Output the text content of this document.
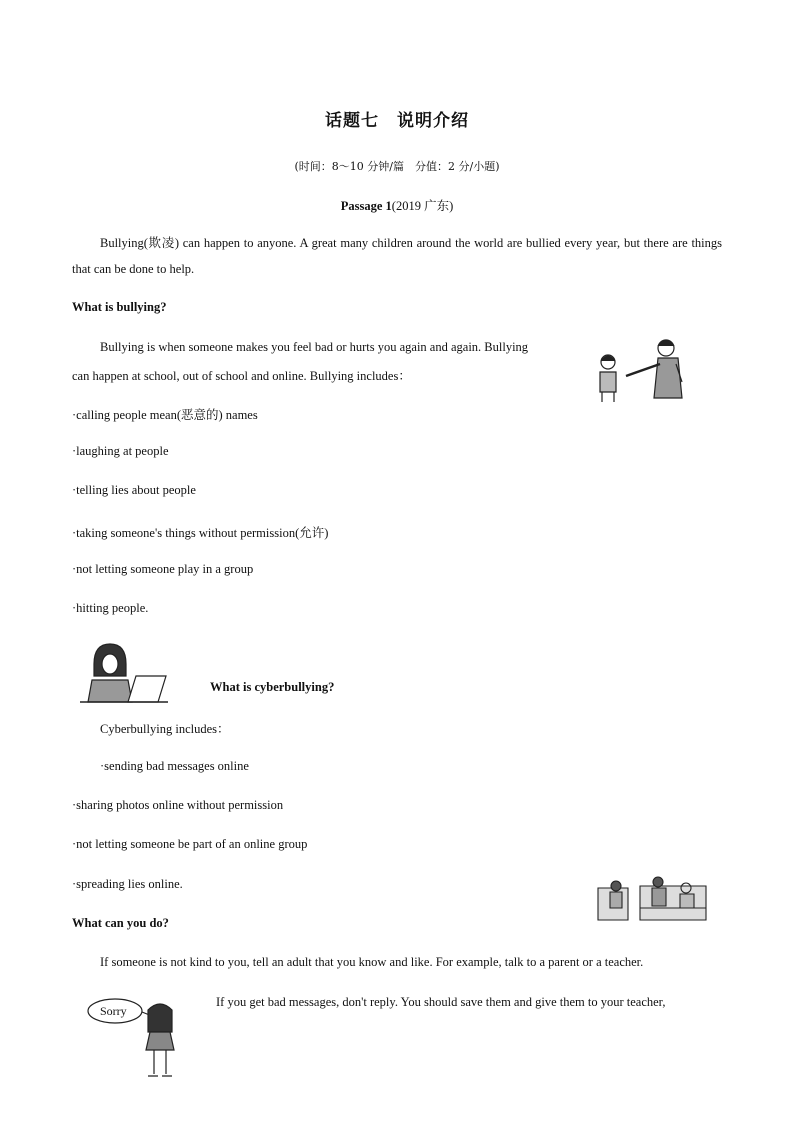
话题七　说明介绍
(时间：8～10 分钟/篇　分值：2 分/小题)
Passage 1(2019 广东)
Bullying(欺凌) can happen to anyone. A great many children around the world are bullied every year, but there are things that can be done to help.
What is bullying?
Bullying is when someone makes you feel bad or hurts you again and again. Bullying
can happen at school, out of school and online. Bullying includes：
·calling people mean(恶意的) names
·laughing at people
·telling lies about people
·taking someone's things without permission(允许)
·not letting someone play in a group
·hitting people.
What is cyberbullying?
Cyberbullying includes：
·sending bad messages online
·sharing photos online without permission
·not letting someone be part of an online group
·spreading lies online.
What can you do?
If someone is not kind to you, tell an adult that you know and like. For example, talk to a parent or a teacher.
If you get bad messages, don't reply. You should save them and give them to your teacher,
Sorry
